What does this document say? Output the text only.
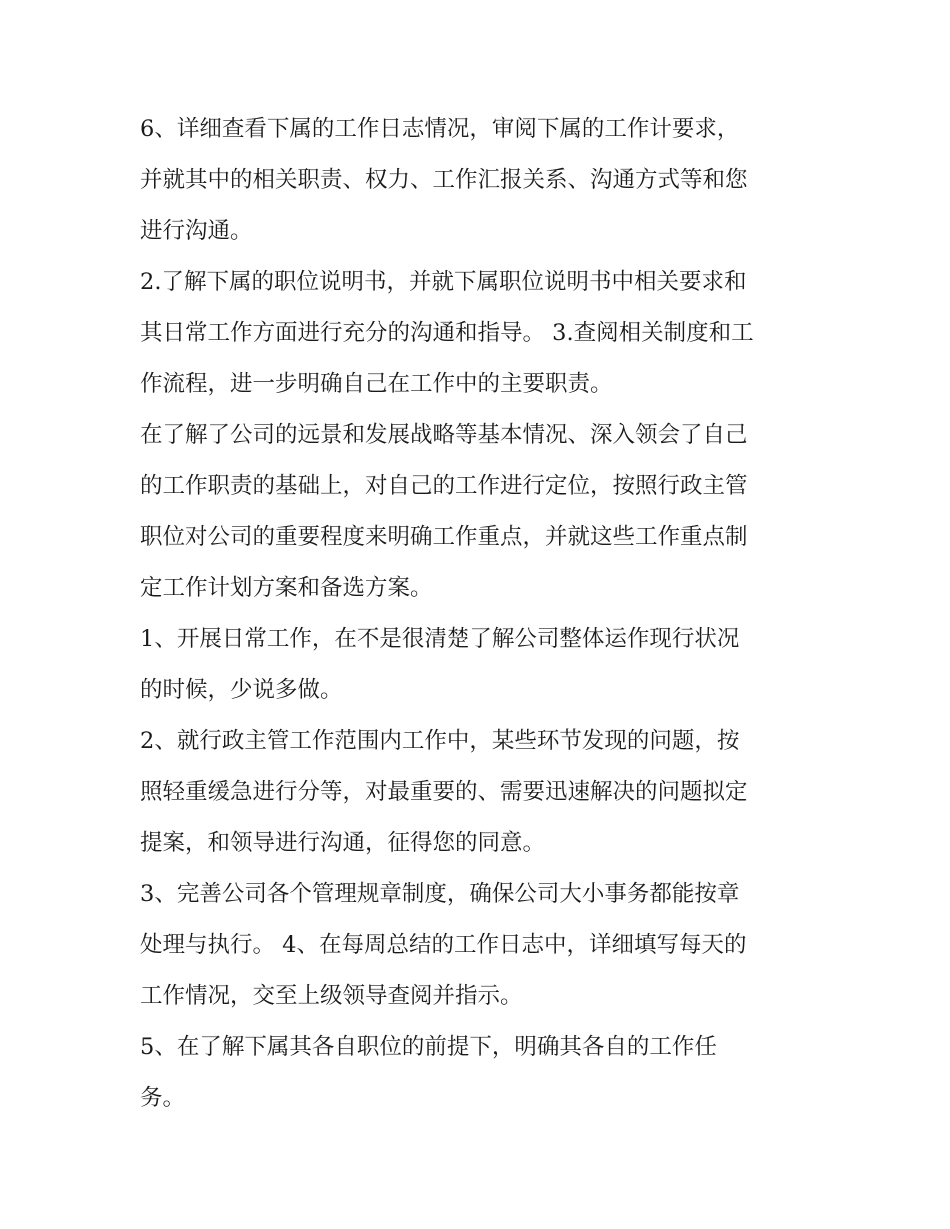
6、详细查看下属的工作日志情况，审阅下属的工作计要求，
并就其中的相关职责、权力、工作汇报关系、沟通方式等和您
进行沟通。

2.了解下属的职位说明书，并就下属职位说明书中相关要求和
其日常工作方面进行充分的沟通和指导。 3.查阅相关制度和工
作流程，进一步明确自己在工作中的主要职责。

在了解了公司的远景和发展战略等基本情况、深入领会了自己
的工作职责的基础上，对自己的工作进行定位，按照行政主管
职位对公司的重要程度来明确工作重点，并就这些工作重点制
定工作计划方案和备选方案。

1、开展日常工作，在不是很清楚了解公司整体运作现行状况
的时候，少说多做。

2、就行政主管工作范围内工作中，某些环节发现的问题，按
照轻重缓急进行分等，对最重要的、需要迅速解决的问题拟定
提案，和领导进行沟通，征得您的同意。

3、完善公司各个管理规章制度，确保公司大小事务都能按章
处理与执行。 4、在每周总结的工作日志中，详细填写每天的
工作情况，交至上级领导查阅并指示。

5、在了解下属其各自职位的前提下，明确其各自的工作任
务。
